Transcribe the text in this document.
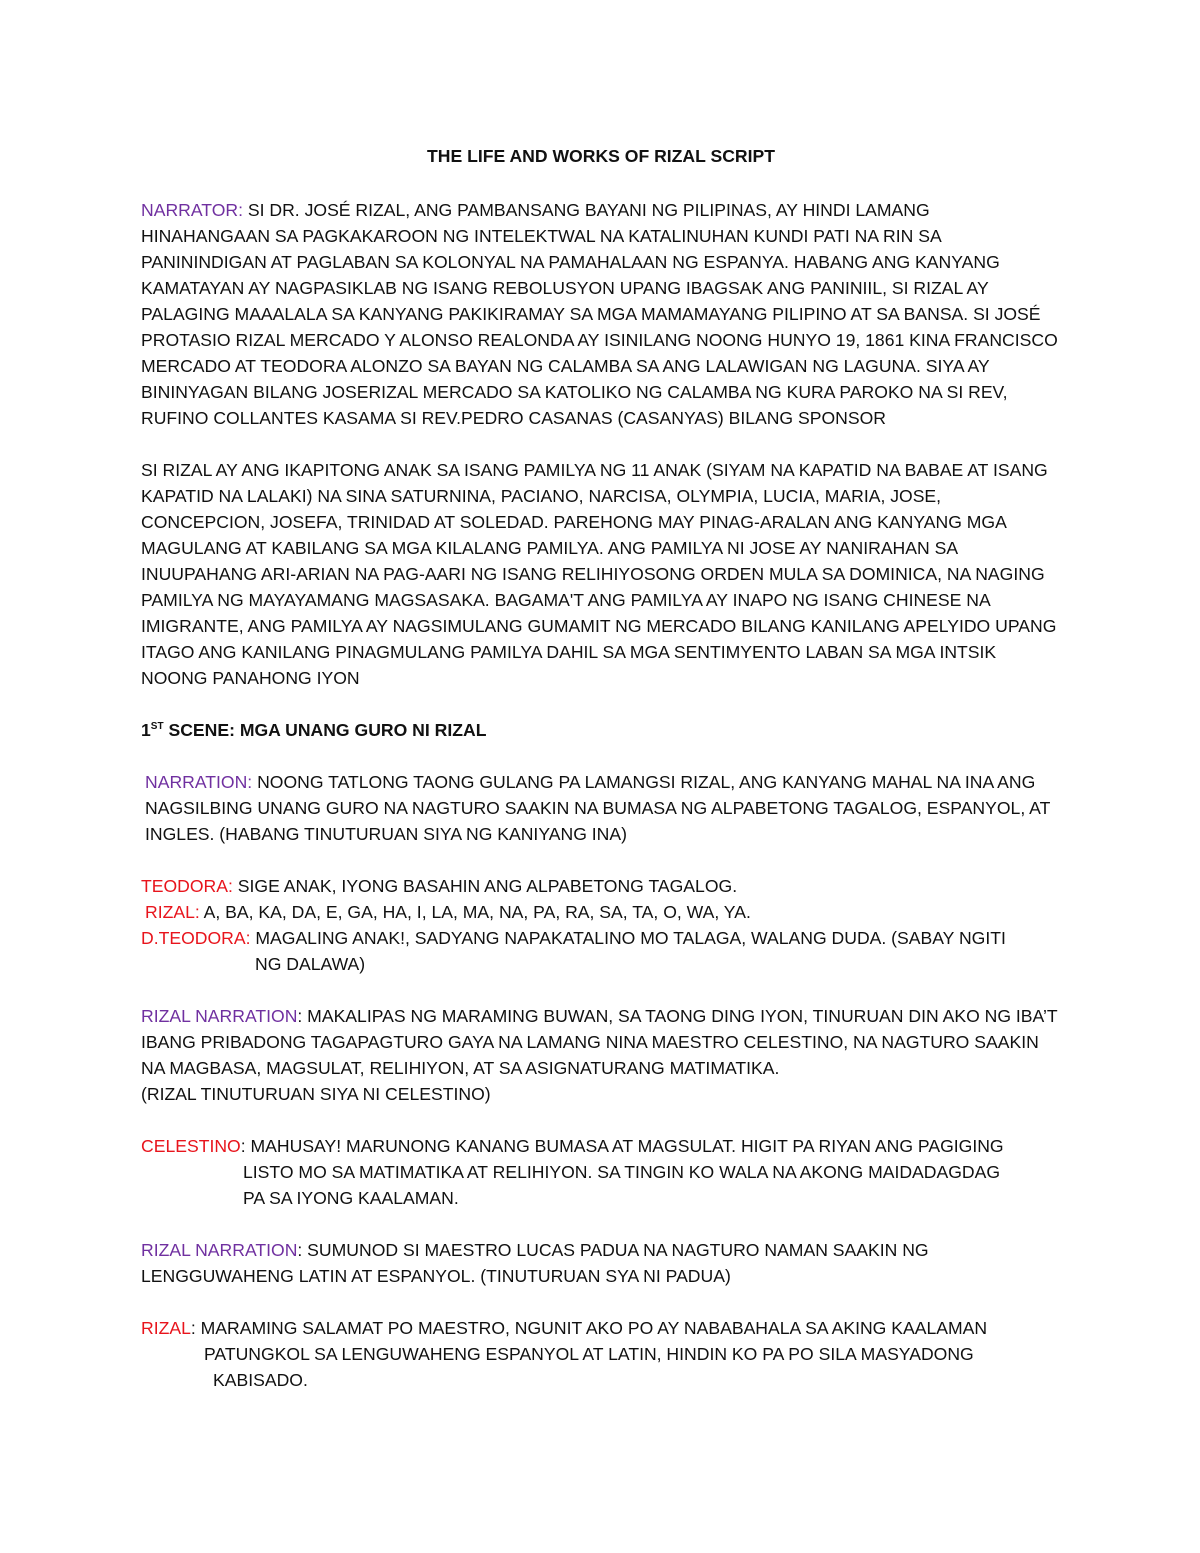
THE LIFE AND WORKS OF RIZAL SCRIPT

NARRATOR: SI DR. JOSÉ RIZAL, ANG PAMBANSANG BAYANI NG PILIPINAS, AY HINDI LAMANG HINAHANGAAN SA PAGKAKAROON NG INTELEKTWAL NA KATALINUHAN KUNDI PATI NA RIN SA PANININDIGAN AT PAGLABAN SA KOLONYAL NA PAMAHALAAN NG ESPANYA. HABANG ANG KANYANG KAMATAYAN AY NAGPASIKLAB NG ISANG REBOLUSYON UPANG IBAGSAK ANG PANINIIL, SI RIZAL AY PALAGING MAAALALA SA KANYANG PAKIKIRAMAY SA MGA MAMAMAYANG PILIPINO AT SA BANSA. SI JOSÉ PROTASIO RIZAL MERCADO Y ALONSO REALONDA AY ISINILANG NOONG HUNYO 19, 1861 KINA FRANCISCO MERCADO AT TEODORA ALONZO SA BAYAN NG CALAMBA SA ANG LALAWIGAN NG LAGUNA. SIYA AY BININYAGAN BILANG JOSERIZAL MERCADO SA KATOLIKO NG CALAMBA NG KURA PAROKO NA SI REV, RUFINO COLLANTES KASAMA SI REV.PEDRO CASANAS (CASANYAS) BILANG SPONSOR

SI RIZAL AY ANG IKAPITONG ANAK SA ISANG PAMILYA NG 11 ANAK (SIYAM NA KAPATID NA BABAE AT ISANG KAPATID NA LALAKI) NA SINA SATURNINA, PACIANO, NARCISA, OLYMPIA, LUCIA, MARIA, JOSE, CONCEPCION, JOSEFA, TRINIDAD AT SOLEDAD. PAREHONG MAY PINAG-ARALAN ANG KANYANG MGA MAGULANG AT KABILANG SA MGA KILALANG PAMILYA. ANG PAMILYA NI JOSE AY NANIRAHAN SA INUUPAHANG ARI-ARIAN NA PAG-AARI NG ISANG RELIHIYOSONG ORDEN MULA SA DOMINICA, NA NAGING PAMILYA NG MAYAYAMANG MAGSASAKA. BAGAMA'T ANG PAMILYA AY INAPO NG ISANG CHINESE NA IMIGRANTE, ANG PAMILYA AY NAGSIMULANG GUMAMIT NG MERCADO BILANG KANILANG APELYIDO UPANG ITAGO ANG KANILANG PINAGMULANG PAMILYA DAHIL SA MGA SENTIMYENTO LABAN SA MGA INTSIK NOONG PANAHONG IYON

1ST SCENE: MGA UNANG GURO NI RIZAL

NARRATION: NOONG TATLONG TAONG GULANG PA LAMANGSI RIZAL, ANG KANYANG MAHAL NA INA ANG NAGSILBING UNANG GURO NA NAGTURO SAAKIN NA BUMASA NG ALPABETONG TAGALOG, ESPANYOL, AT INGLES. (HABANG TINUTURUAN SIYA NG KANIYANG INA)

TEODORA: SIGE ANAK, IYONG BASAHIN ANG ALPABETONG TAGALOG.

RIZAL: A, BA, KA, DA, E, GA, HA, I, LA, MA, NA, PA, RA, SA, TA, O, WA, YA.

D.TEODORA: MAGALING ANAK!, SADYANG NAPAKATALINO MO TALAGA, WALANG DUDA. (SABAY NGITI

NG DALAWA)

RIZAL NARRATION: MAKALIPAS NG MARAMING BUWAN, SA TAONG DING IYON, TINURUAN DIN AKO NG IBA’T IBANG PRIBADONG TAGAPAGTURO GAYA NA LAMANG NINA MAESTRO CELESTINO, NA NAGTURO SAAKIN NA MAGBASA, MAGSULAT, RELIHIYON, AT SA ASIGNATURANG MATIMATIKA.

(RIZAL TINUTURUAN SIYA NI CELESTINO)

CELESTINO: MAHUSAY! MARUNONG KANANG BUMASA AT MAGSULAT. HIGIT PA RIYAN ANG PAGIGING

LISTO MO SA MATIMATIKA AT RELIHIYON. SA TINGIN KO WALA NA AKONG MAIDADAGDAG

PA SA IYONG KAALAMAN.

RIZAL NARRATION: SUMUNOD SI MAESTRO LUCAS PADUA NA NAGTURO NAMAN SAAKIN NG LENGGUWAHENG LATIN AT ESPANYOL. (TINUTURUAN SYA NI PADUA)

RIZAL: MARAMING SALAMAT PO MAESTRO, NGUNIT AKO PO AY NABABAHALA SA AKING KAALAMAN

PATUNGKOL SA LENGUWAHENG ESPANYOL AT LATIN, HINDIN KO PA PO SILA MASYADONG

KABISADO.
